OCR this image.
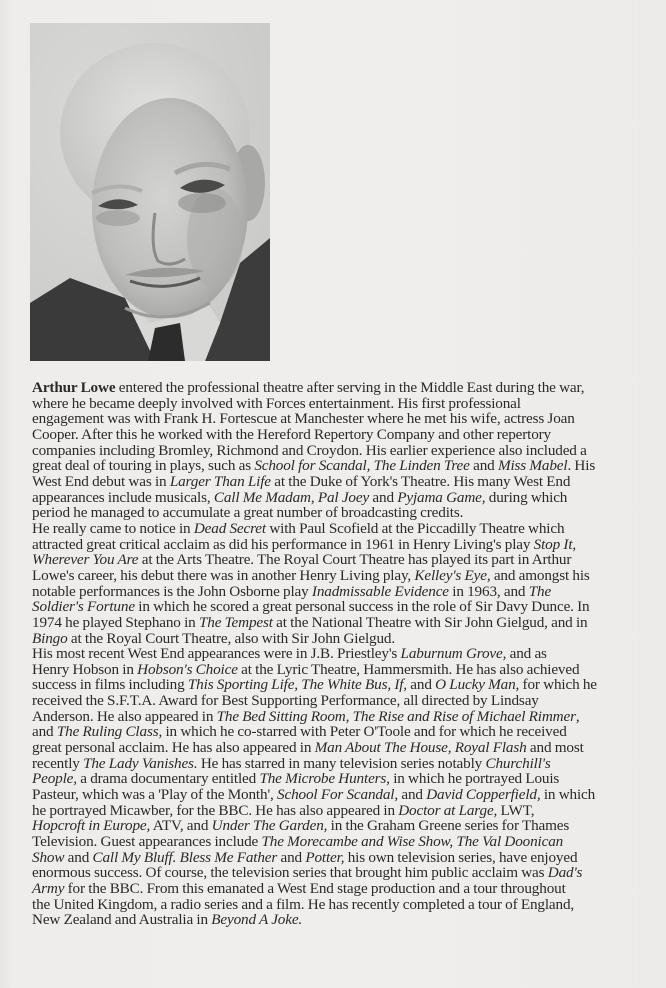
Arthur Lowe entered the professional theatre after serving in the Middle East during the war,
where he became deeply involved with Forces entertainment. His first professional
engagement was with Frank H. Fortescue at Manchester where he met his wife, actress Joan
Cooper. After this he worked with the Hereford Repertory Company and other repertory
companies including Bromley, Richmond and Croydon. His earlier experience also included a
great deal of touring in plays, such as School for Scandal, The Linden Tree and Miss Mabel. His
West End debut was in Larger Than Life at the Duke of York's Theatre. His many West End
appearances include musicals, Call Me Madam, Pal Joey and Pyjama Game, during which
period he managed to accumulate a great number of broadcasting credits.
He really came to notice in Dead Secret with Paul Scofield at the Piccadilly Theatre which
attracted great critical acclaim as did his performance in 1961 in Henry Living's play Stop It,
Wherever You Are at the Arts Theatre. The Royal Court Theatre has played its part in Arthur
Lowe's career, his debut there was in another Henry Living play, Kelley's Eye, and amongst his
notable performances is the John Osborne play Inadmissable Evidence in 1963, and The
Soldier's Fortune in which he scored a great personal success in the role of Sir Davy Dunce. In
1974 he played Stephano in The Tempest at the National Theatre with Sir John Gielgud, and in
Bingo at the Royal Court Theatre, also with Sir John Gielgud.
His most recent West End appearances were in J.B. Priestley's Laburnum Grove, and as
Henry Hobson in Hobson's Choice at the Lyric Theatre, Hammersmith. He has also achieved
success in films including This Sporting Life, The White Bus, If, and O Lucky Man, for which he
received the S.F.T.A. Award for Best Supporting Performance, all directed by Lindsay
Anderson. He also appeared in The Bed Sitting Room, The Rise and Rise of Michael Rimmer,
and The Ruling Class, in which he co-starred with Peter O'Toole and for which he received
great personal acclaim. He has also appeared in Man About The House, Royal Flash and most
recently The Lady Vanishes. He has starred in many television series notably Churchill's
People, a drama documentary entitled The Microbe Hunters, in which he portrayed Louis
Pasteur, which was a 'Play of the Month', School For Scandal, and David Copperfield, in which
he portrayed Micawber, for the BBC. He has also appeared in Doctor at Large, LWT,
Hopcroft in Europe, ATV, and Under The Garden, in the Graham Greene series for Thames
Television. Guest appearances include The Morecambe and Wise Show, The Val Doonican
Show and Call My Bluff. Bless Me Father and Potter, his own television series, have enjoyed
enormous success. Of course, the television series that brought him public acclaim was Dad's
Army for the BBC. From this emanated a West End stage production and a tour throughout
the United Kingdom, a radio series and a film. He has recently completed a tour of England,
New Zealand and Australia in Beyond A Joke.
